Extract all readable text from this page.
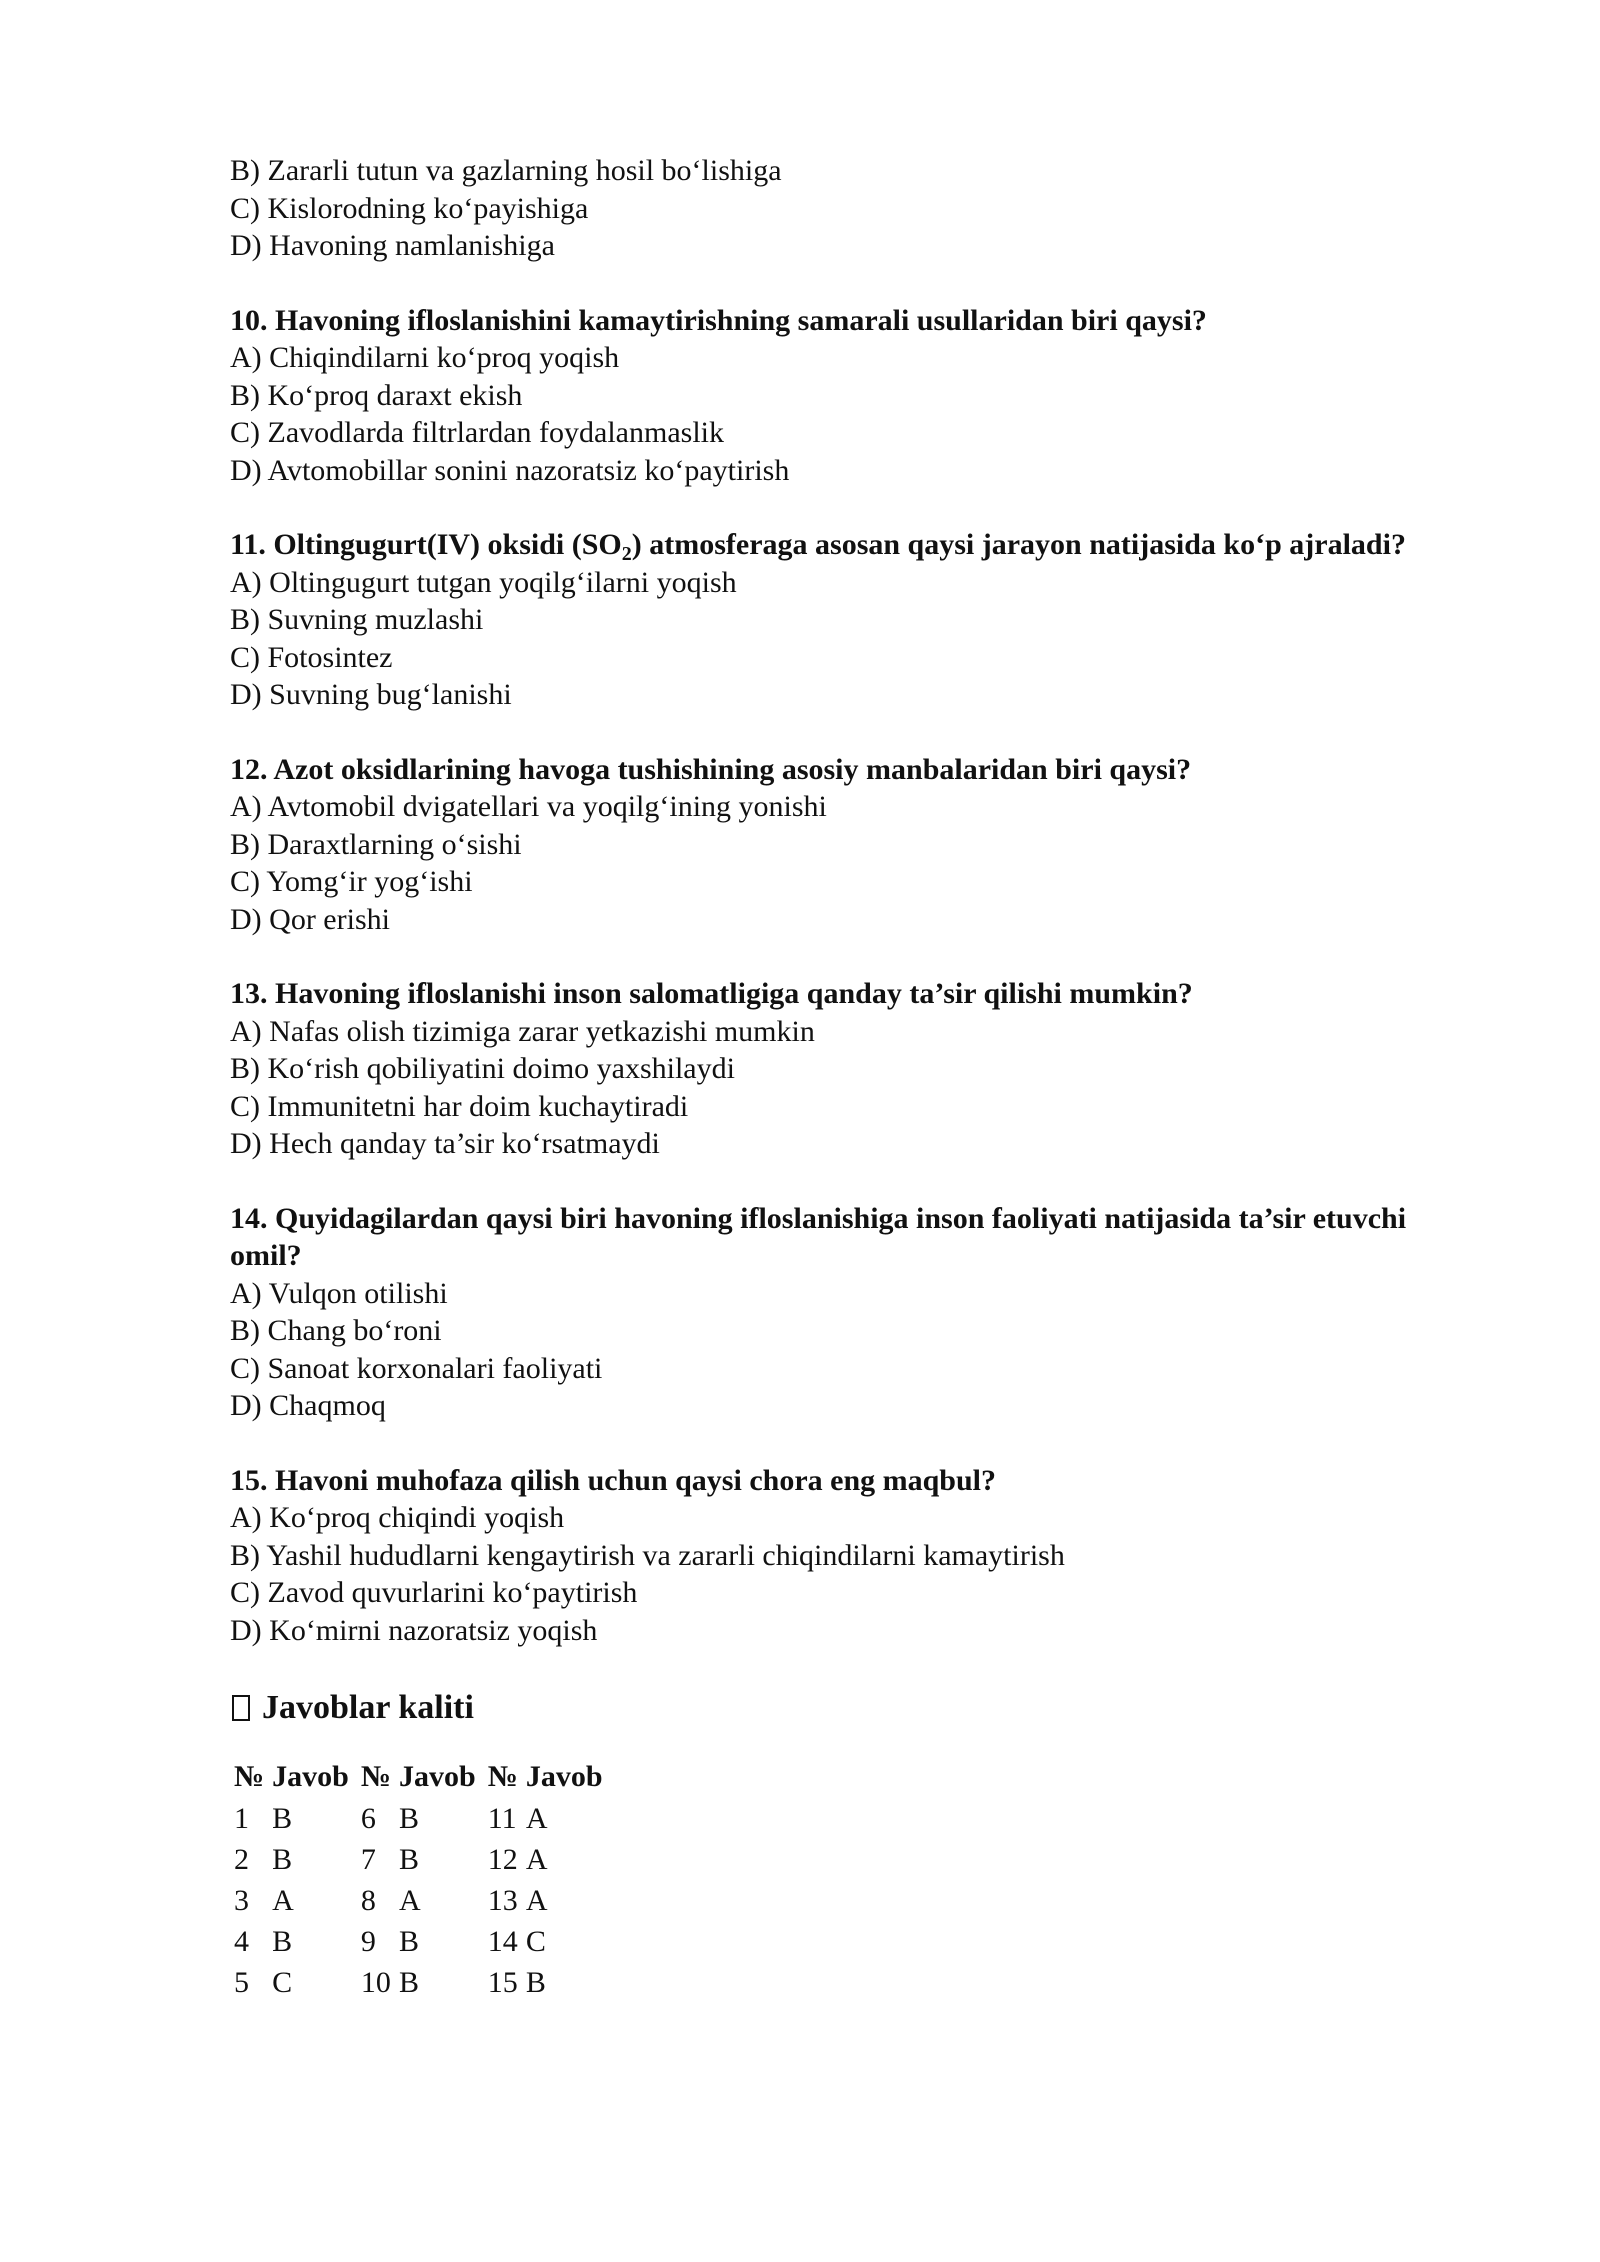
B) Zararli tutun va gazlarning hosil bo‘lishiga
C) Kislorodning ko‘payishiga
D) Havoning namlanishiga
10. Havoning ifloslanishini kamaytirishning samarali usullaridan biri qaysi?
A) Chiqindilarni ko‘proq yoqish
B) Ko‘proq daraxt ekish
C) Zavodlarda filtrlardan foydalanmaslik
D) Avtomobillar sonini nazoratsiz ko‘paytirish
11. Oltingugurt(IV) oksidi $(SO_2)$ atmosferaga asosan qaysi jarayon natijasida ko‘p ajraladi?
A) Oltingugurt tutgan yoqilg‘ilarni yoqish
B) Suvning muzlashi
C) Fotosintez
D) Suvning bug‘lanishi
12. Azot oksidlarining havoga tushishining asosiy manbalaridan biri qaysi?
A) Avtomobil dvigatellari va yoqilg‘ining yonishi
B) Daraxtlarning o‘sishi
C) Yomg‘ir yog‘ishi
D) Qor erishi
13. Havoning ifloslanishi inson salomatligiga qanday ta’sir qilishi mumkin?
A) Nafas olish tizimiga zarar yetkazishi mumkin
B) Ko‘rish qobiliyatini doimo yaxshilaydi
C) Immunitetni har doim kuchaytiradi
D) Hech qanday ta’sir ko‘rsatmaydi
14. Quyidagilardan qaysi biri havoning ifloslanishiga inson faoliyati natijasida ta’sir etuvchi omil?
A) Vulqon otilishi
B) Chang bo‘roni
C) Sanoat korxonalari faoliyati
D) Chaqmoq
15. Havoni muhofaza qilish uchun qaysi chora eng maqbul?
A) Ko‘proq chiqindi yoqish
B) Yashil hududlarni kengaytirish va zararli chiqindilarni kamaytirish
C) Zavod quvurlarini ko‘paytirish
D) Ko‘mirni nazoratsiz yoqish
Javoblar kaliti
№	Javob	№	Javob	№	Javob
1	B	6	B	11	A
2	B	7	B	12	A
3	A	8	A	13	A
4	B	9	B	14	C
5	C	10	B	15	B
